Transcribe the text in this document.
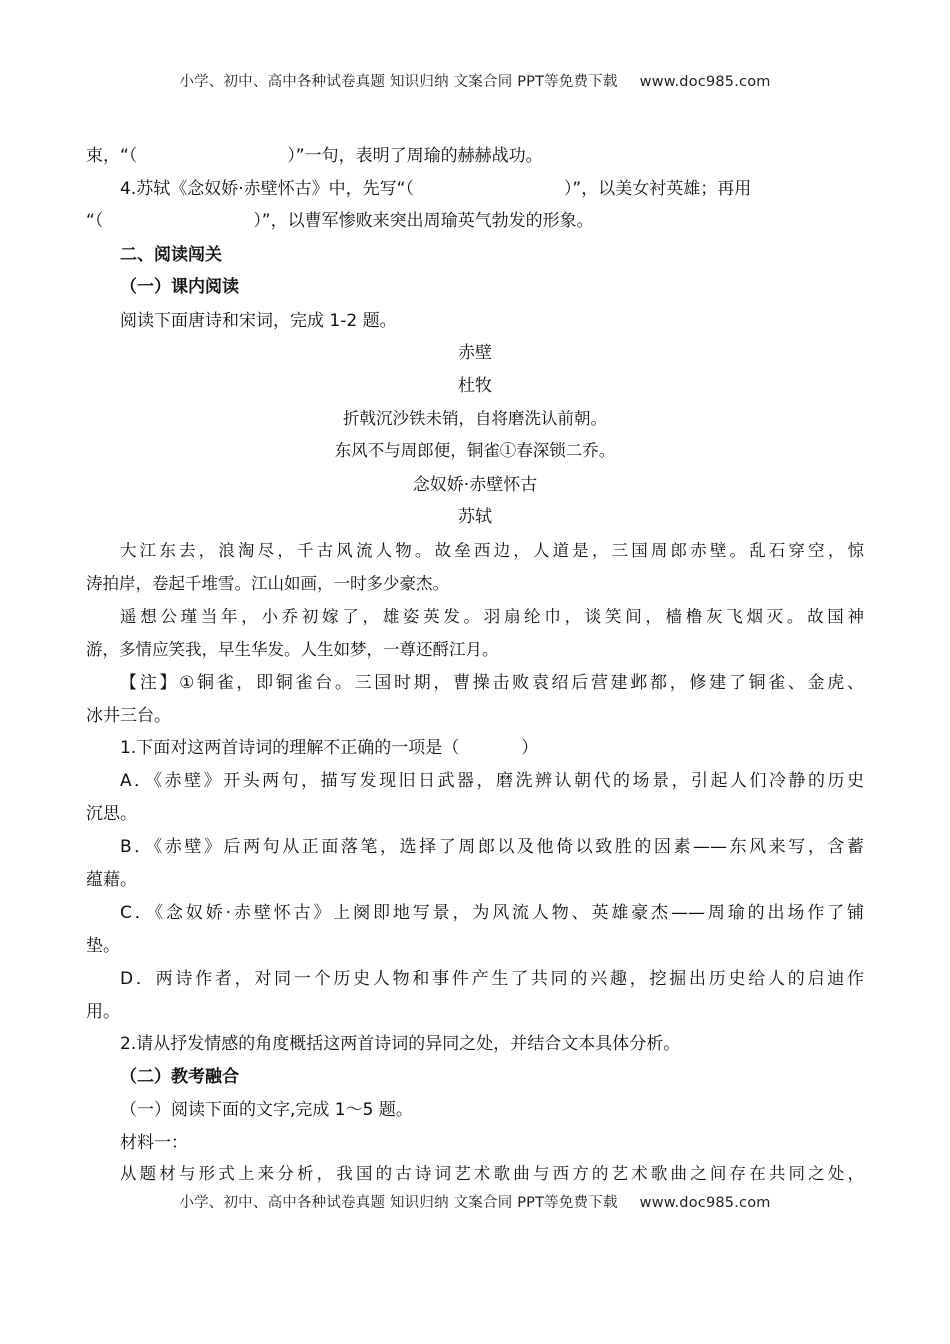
小学、初中、高中各种试卷真题 知识归纳 文案合同 PPT等免费下载 www.doc985.com
束，“（	）”一句，表明了周瑜的赫赫战功。
4.苏轼《念奴娇·赤壁怀古》中，先写“（	）”，以美女衬英雄；再用
“（	）”，以曹军惨败来突出周瑜英气勃发的形象。
二、阅读闯关
（一）课内阅读
阅读下面唐诗和宋词，完成 1-2 题。
赤壁
杜牧
折戟沉沙铁未销，自将磨洗认前朝。
东风不与周郎便，铜雀①春深锁二乔。
念奴娇·赤壁怀古
苏轼
大江东去，浪淘尽，千古风流人物。故垒西边，人道是，三国周郎赤壁。乱石穿空，惊
涛拍岸，卷起千堆雪。江山如画，一时多少豪杰。
遥想公瑾当年，小乔初嫁了，雄姿英发。羽扇纶巾，谈笑间，樯橹灰飞烟灭。故国神
游，多情应笑我，早生华发。人生如梦，一尊还酹江月。
【注】①铜雀，即铜雀台。三国时期，曹操击败袁绍后营建邺都，修建了铜雀、金虎、
冰井三台。
1.下面对这两首诗词的理解不正确的一项是（	）
A．《赤壁》开头两句，描写发现旧日武器，磨洗辨认朝代的场景，引起人们冷静的历史
沉思。
B．《赤壁》后两句从正面落笔，选择了周郎以及他倚以致胜的因素——东风来写，含蓄
蕴藉。
C．《念奴娇·赤壁怀古》上阕即地写景，为风流人物、英雄豪杰——周瑜的出场作了铺
垫。
D．两诗作者，对同一个历史人物和事件产生了共同的兴趣，挖掘出历史给人的启迪作
用。
2.请从抒发情感的角度概括这两首诗词的异同之处，并结合文本具体分析。
（二）教考融合
（一）阅读下面的文字,完成 1～5 题。
材料一：
从题材与形式上来分析，我国的古诗词艺术歌曲与西方的艺术歌曲之间存在共同之处，
小学、初中、高中各种试卷真题 知识归纳 文案合同 PPT等免费下载 www.doc985.com
